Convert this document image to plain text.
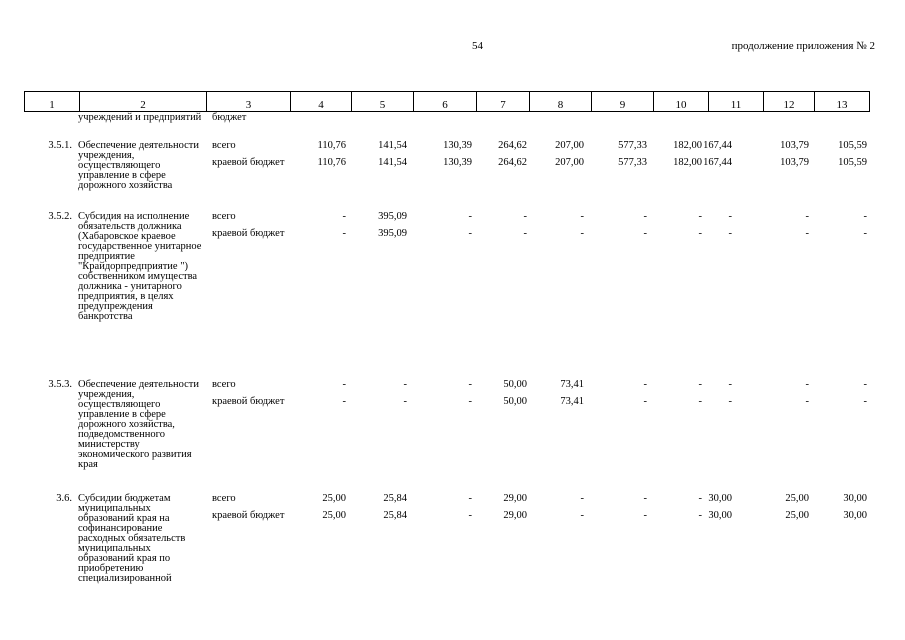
54	продолжение приложения № 2
1	2	3	4	5	6	7	8	9	10	11	12	13
учреждений и предприятий	бюджет
3.5.1. Обеспечение деятельности учреждения, осуществляющего управление в сфере дорожного хозяйства
всего	110,76	141,54	130,39	264,62	207,00	577,33	182,00 167,44	103,79	105,59
краевой бюджет	110,76	141,54	130,39	264,62	207,00	577,33	182,00 167,44	103,79	105,59
3.5.2. Субсидия на исполнение обязательств должника (Хабаровское краевое государственное унитарное предприятие "Крайдорпредприятие ") собственником имущества должника - унитарного предприятия, в целях предупреждения банкротства
всего	-	395,09	-	-	-	-	-	-	-	-
краевой бюджет	-	395,09	-	-	-	-	-	-	-	-
3.5.3. Обеспечение деятельности учреждения, осуществляющего управление в сфере дорожного хозяйства, подведомственного министерству экономического развития края
всего	-	-	-	50,00	73,41	-	-	-	-	-
краевой бюджет	-	-	-	50,00	73,41	-	-	-	-	-
3.6. Субсидии бюджетам муниципальных образований края на софинансирование расходных обязательств муниципальных образований края по приобретению специализированной
всего	25,00	25,84	-	29,00	-	-	- 30,00	25,00	30,00
краевой бюджет	25,00	25,84	-	29,00	-	-	- 30,00	25,00	30,00
